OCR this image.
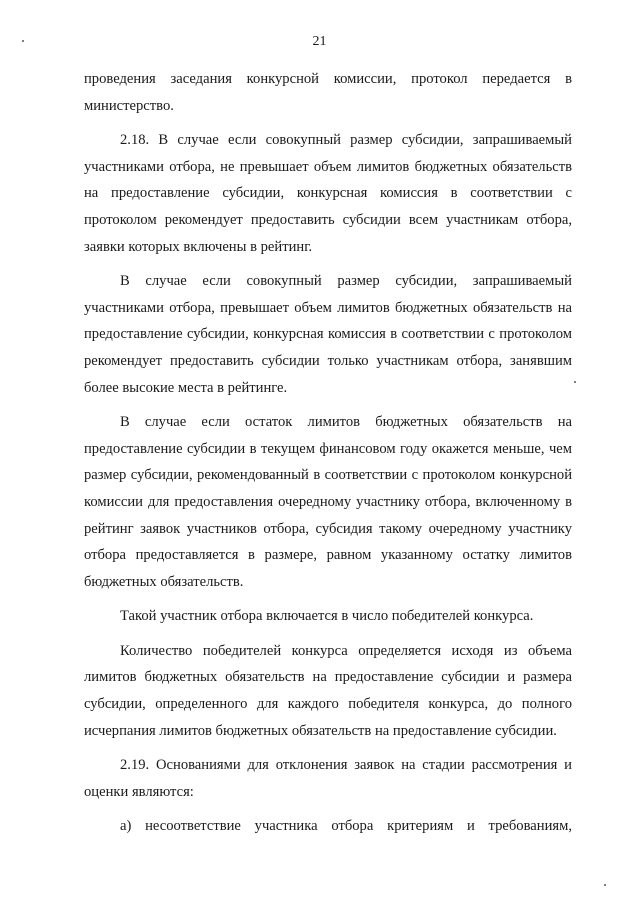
21

проведения заседания конкурсной комиссии, протокол передается в министерство.

2.18. В случае если совокупный размер субсидии, запрашиваемый участниками отбора, не превышает объем лимитов бюджетных обязательств на предоставление субсидии, конкурсная комиссия в соответствии с протоколом рекомендует предоставить субсидии всем участникам отбора, заявки которых включены в рейтинг.

В случае если совокупный размер субсидии, запрашиваемый участниками отбора, превышает объем лимитов бюджетных обязательств на предоставление субсидии, конкурсная комиссия в соответствии с протоколом рекомендует предоставить субсидии только участникам отбора, занявшим более высокие места в рейтинге.

В случае если остаток лимитов бюджетных обязательств на предоставление субсидии в текущем финансовом году окажется меньше, чем размер субсидии, рекомендованный в соответствии с протоколом конкурсной комиссии для предоставления очередному участнику отбора, включенному в рейтинг заявок участников отбора, субсидия такому очередному участнику отбора предоставляется в размере, равном указанному остатку лимитов бюджетных обязательств.

Такой участник отбора включается в число победителей конкурса.

Количество победителей конкурса определяется исходя из объема лимитов бюджетных обязательств на предоставление субсидии и размера субсидии, определенного для каждого победителя конкурса, до полного исчерпания лимитов бюджетных обязательств на предоставление субсидии.

2.19. Основаниями для отклонения заявок на стадии рассмотрения и оценки являются:

а) несоответствие участника отбора критериям и требованиям,
